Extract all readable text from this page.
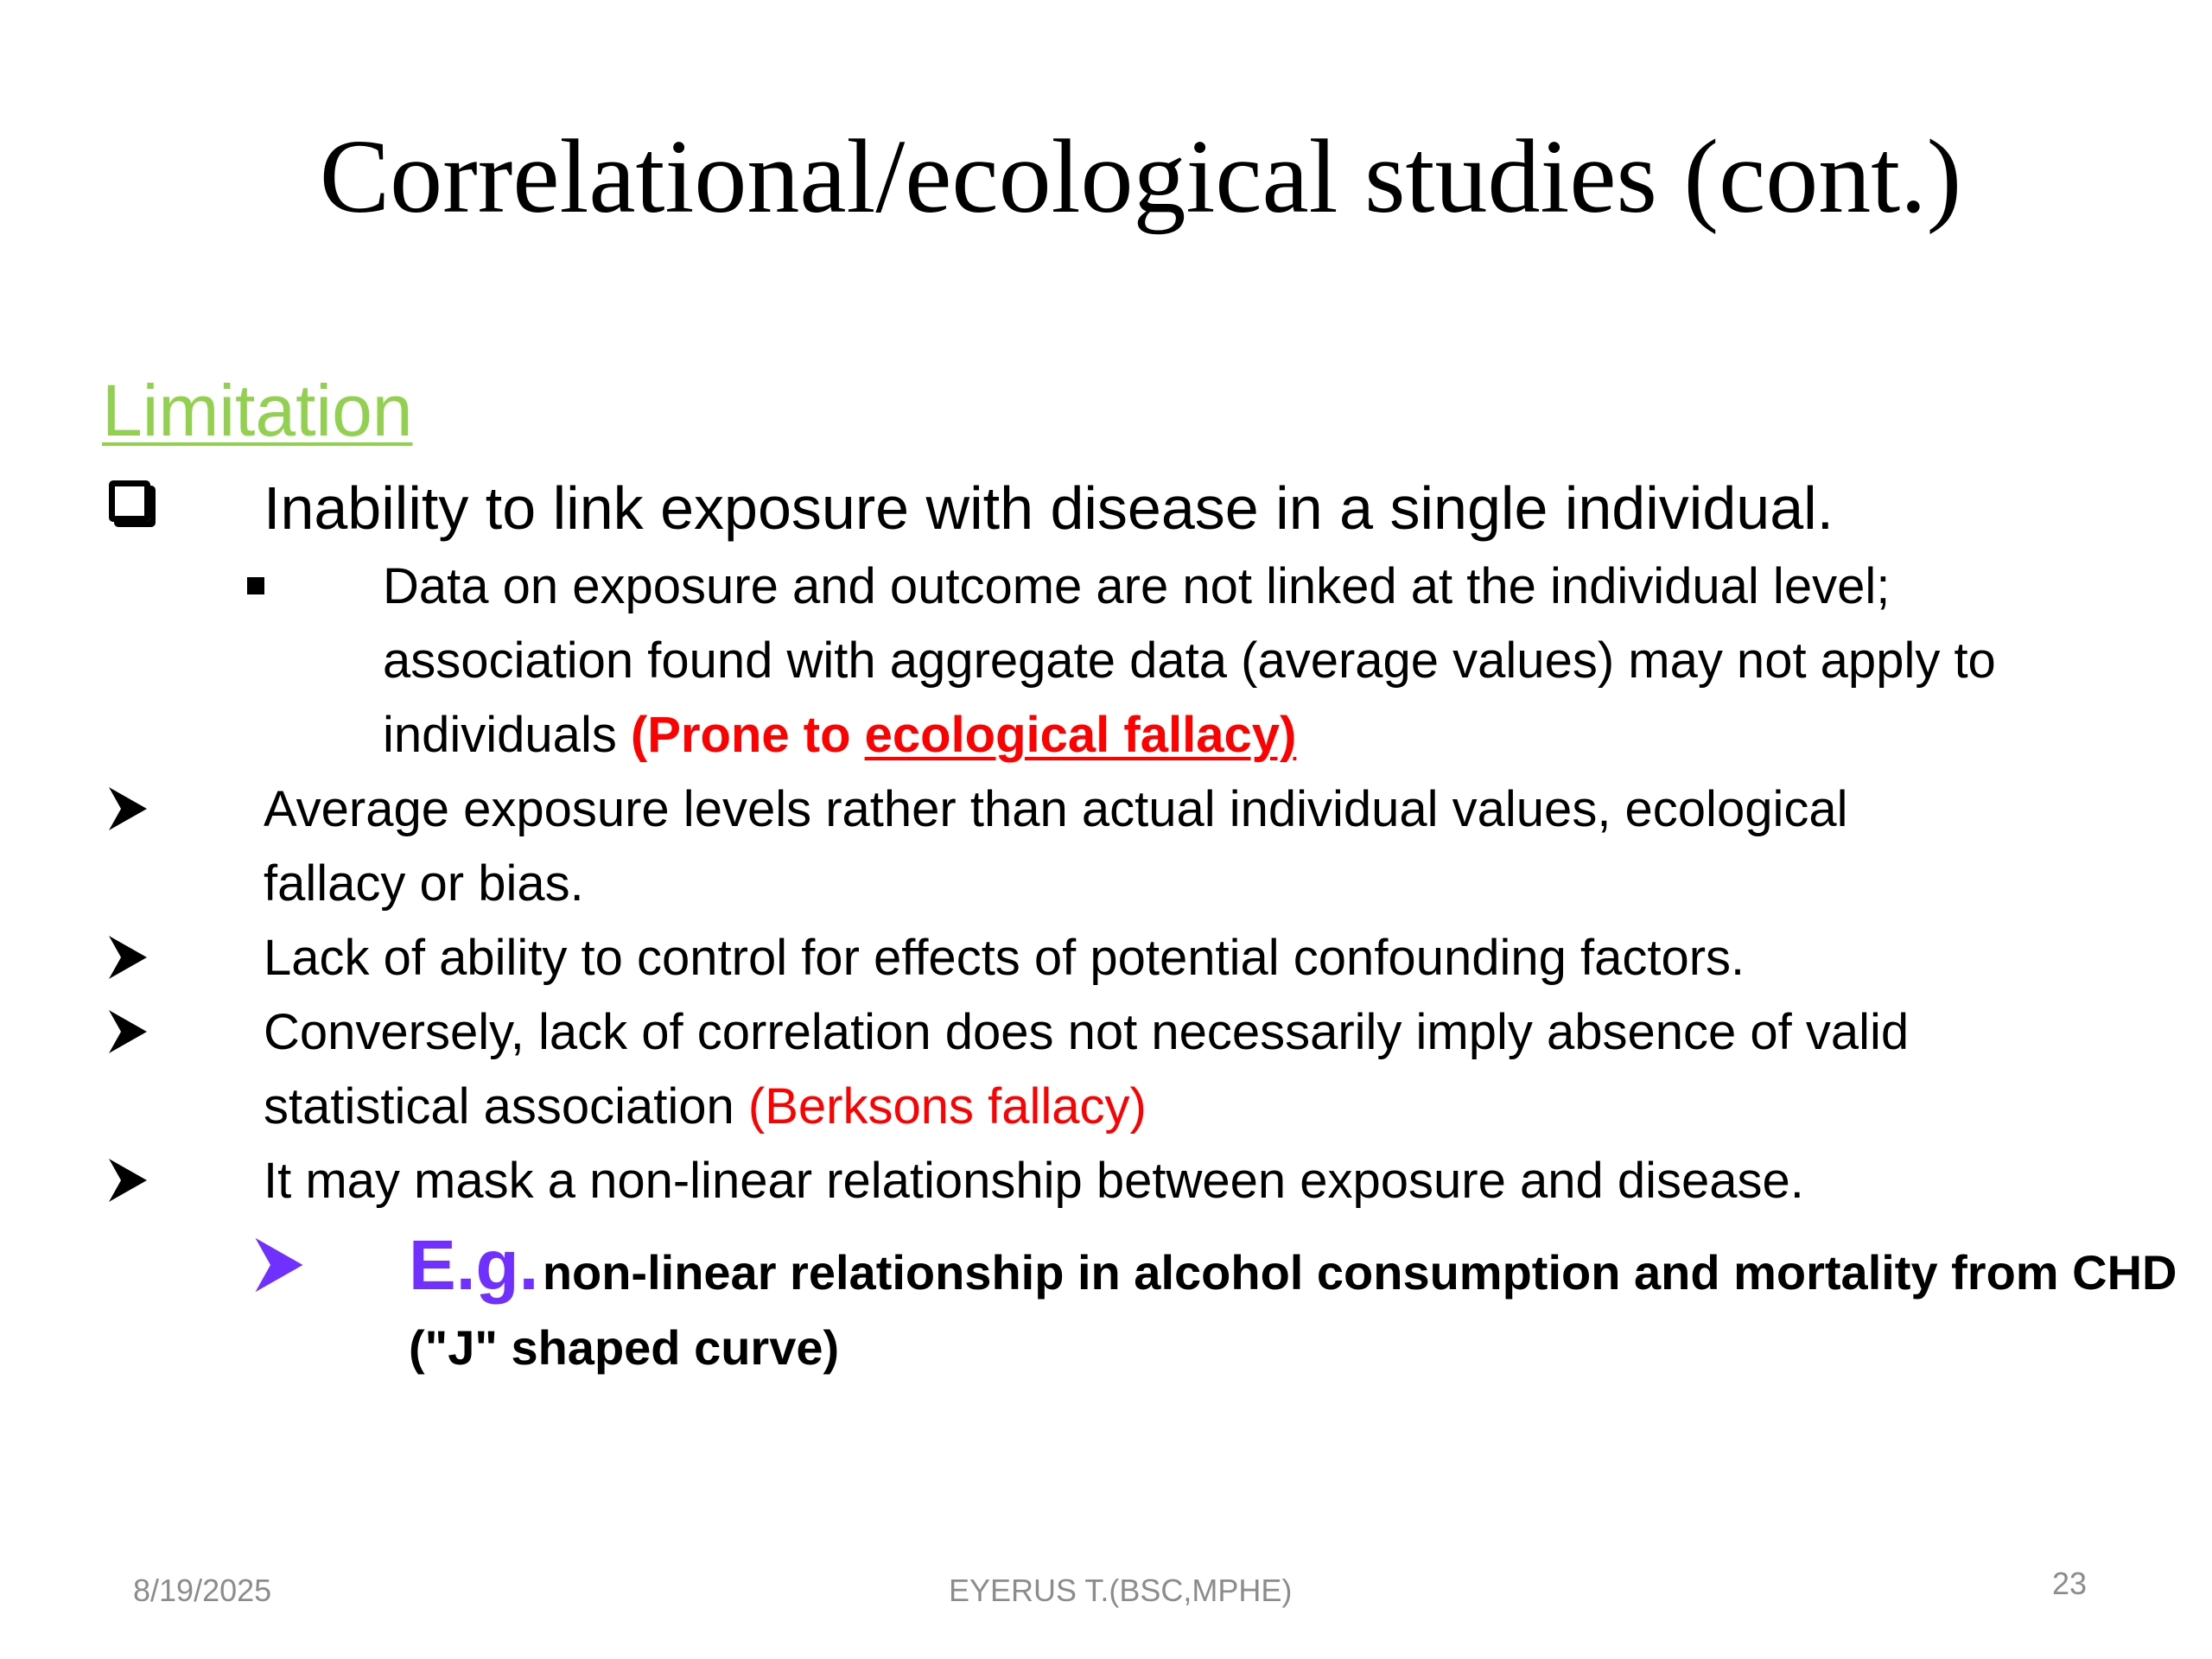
Correlational/ecological studies (cont.)
Limitation
Inability to link exposure with disease in a single individual.
Data on exposure and outcome are not linked at the individual level;
association found with aggregate data (average values) may not apply to
individuals (Prone to ecological fallacy)
Average exposure levels rather than actual individual values, ecological
fallacy or bias.
Lack of ability to control for effects of potential confounding factors.
Conversely, lack of correlation does not necessarily imply absence of valid
statistical association (Berksons fallacy)
It may mask a non-linear relationship between exposure and disease.
E.g. non-linear relationship in alcohol consumption and mortality from CHD
("J" shaped curve)
8/19/2025	EYERUS T.(BSC,MPHE)	23
